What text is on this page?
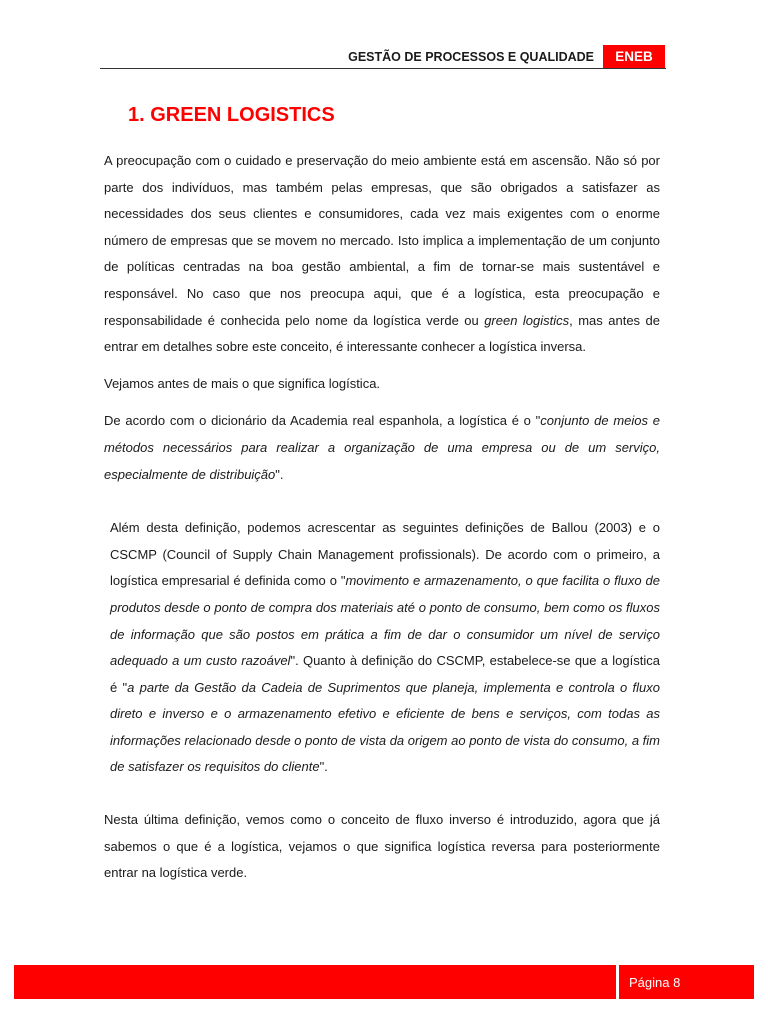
GESTÃO DE PROCESSOS E QUALIDADE	ENEB
1. GREEN LOGISTICS

A preocupação com o cuidado e preservação do meio ambiente está em ascensão. Não só por parte dos indivíduos, mas também pelas empresas, que são obrigados a satisfazer as necessidades dos seus clientes e consumidores, cada vez mais exigentes com o enorme número de empresas que se movem no mercado. Isto implica a implementação de um conjunto de políticas centradas na boa gestão ambiental, a fim de tornar-se mais sustentável e responsável. No caso que nos preocupa aqui, que é a logística, esta preocupação e responsabilidade é conhecida pelo nome da logística verde ou green logistics, mas antes de entrar em detalhes sobre este conceito, é interessante conhecer a logística inversa.

Vejamos antes de mais o que significa logística.

De acordo com o dicionário da Academia real espanhola, a logística é o "conjunto de meios e métodos necessários para realizar a organização de uma empresa ou de um serviço, especialmente de distribuição".

Além desta definição, podemos acrescentar as seguintes definições de Ballou (2003) e o CSCMP (Council of Supply Chain Management profissionals). De acordo com o primeiro, a logística empresarial é definida como o "movimento e armazenamento, o que facilita o fluxo de produtos desde o ponto de compra dos materiais até o ponto de consumo, bem como os fluxos de informação que são postos em prática a fim de dar o consumidor um nível de serviço adequado a um custo razoável". Quanto à definição do CSCMP, estabelece-se que a logística é "a parte da Gestão da Cadeia de Suprimentos que planeja, implementa e controla o fluxo direto e inverso e o armazenamento efetivo e eficiente de bens e serviços, com todas as informações relacionado desde o ponto de vista da origem ao ponto de vista do consumo, a fim de satisfazer os requisitos do cliente".

Nesta última definição, vemos como o conceito de fluxo inverso é introduzido, agora que já sabemos o que é a logística, vejamos o que significa logística reversa para posteriormente entrar na logística verde.

Página 8
